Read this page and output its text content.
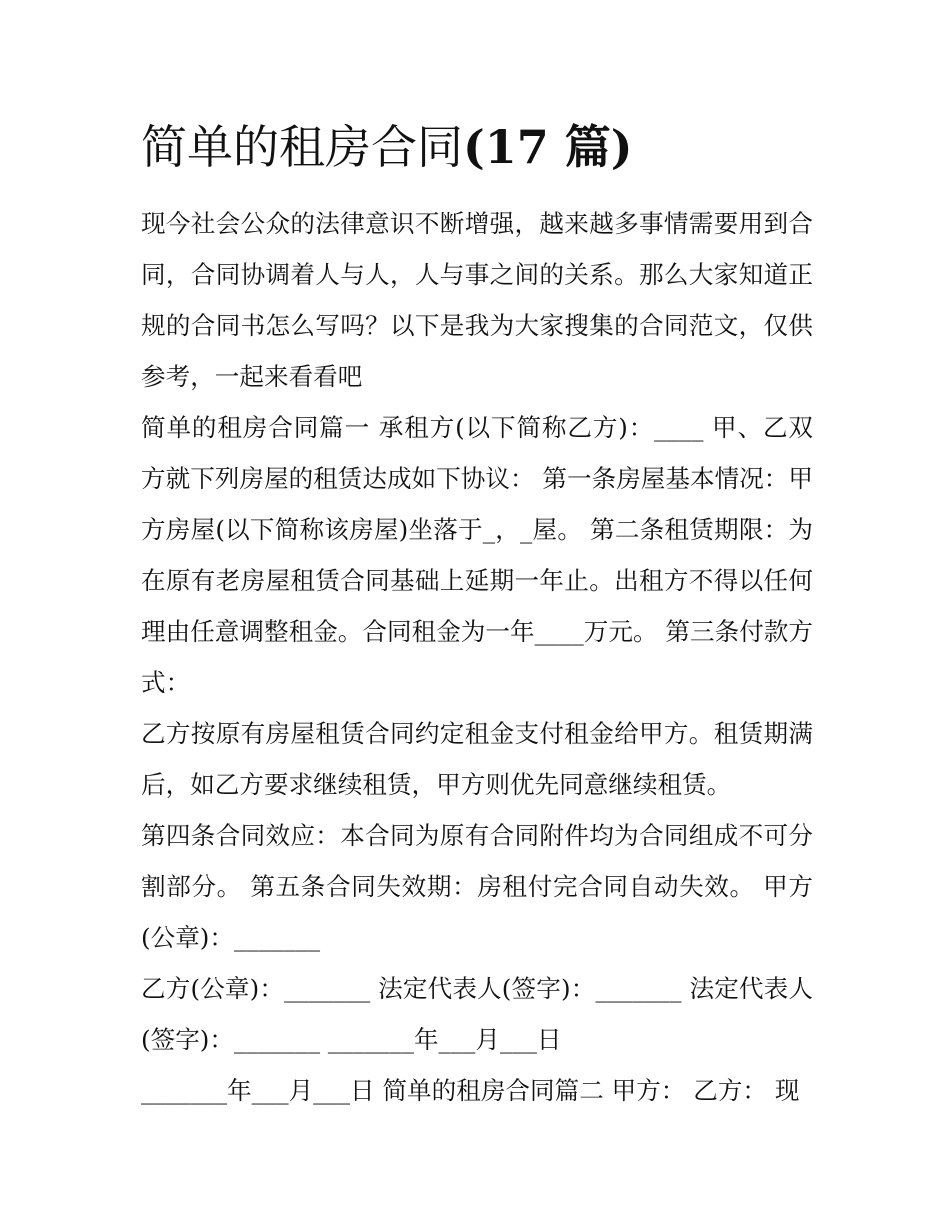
简单的租房合同(17 篇)

现今社会公众的法律意识不断增强，越来越多事情需要用到合同，合同协调着人与人，人与事之间的关系。那么大家知道正规的合同书怎么写吗？以下是我为大家搜集的合同范文，仅供参考，一起来看看吧

简单的租房合同篇一 承租方(以下简称乙方)：____ 甲、乙双方就下列房屋的租赁达成如下协议： 第一条房屋基本情况：甲方房屋(以下简称该房屋)坐落于_，_屋。 第二条租赁期限：为在原有老房屋租赁合同基础上延期一年止。出租方不得以任何理由任意调整租金。合同租金为一年____万元。 第三条付款方式：

乙方按原有房屋租赁合同约定租金支付租金给甲方。租赁期满后，如乙方要求继续租赁，甲方则优先同意继续租赁。

第四条合同效应：本合同为原有合同附件均为合同组成不可分割部分。 第五条合同失效期：房租付完合同自动失效。 甲方(公章)：_______

乙方(公章)：_______ 法定代表人(签字)：_______ 法定代表人(签字)：_______ _______年___月___日

_______年___月___日 简单的租房合同篇二 甲方： 乙方： 现
